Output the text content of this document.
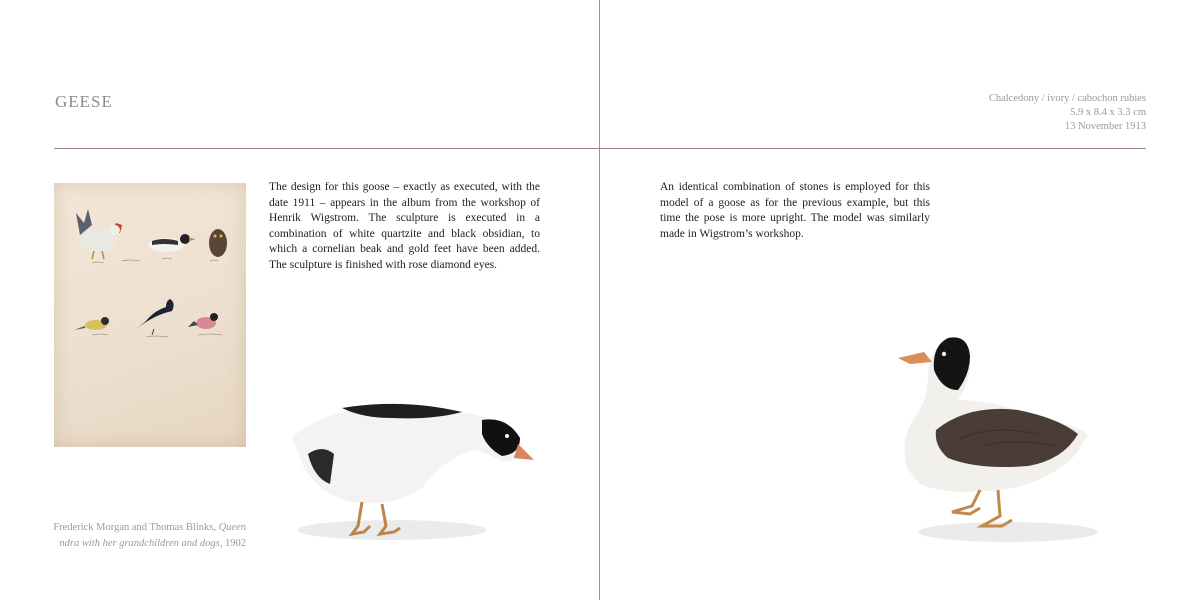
GEESE	Chalcedony / ivory / cabochon rubies
5.9 x 8.4 x 3.3 cm
13 November 1913
The design for this goose – exactly as executed, with the date 1911 – appears in the album from the workshop of Henrik Wigstrom. The sculpture is executed in a combination of white quartzite and black obsidian, to which a cornelian beak and gold feet have been added. The sculpture is finished with rose diamond eyes.
An identical combination of stones is employed for this model of a goose as for the previous example, but this time the pose is more upright. The model was similarly made in Wigstrom’s workshop.
Frederick Morgan and Thomas Blinks, Queen
ndra with her grandchildren and dogs, 1902
